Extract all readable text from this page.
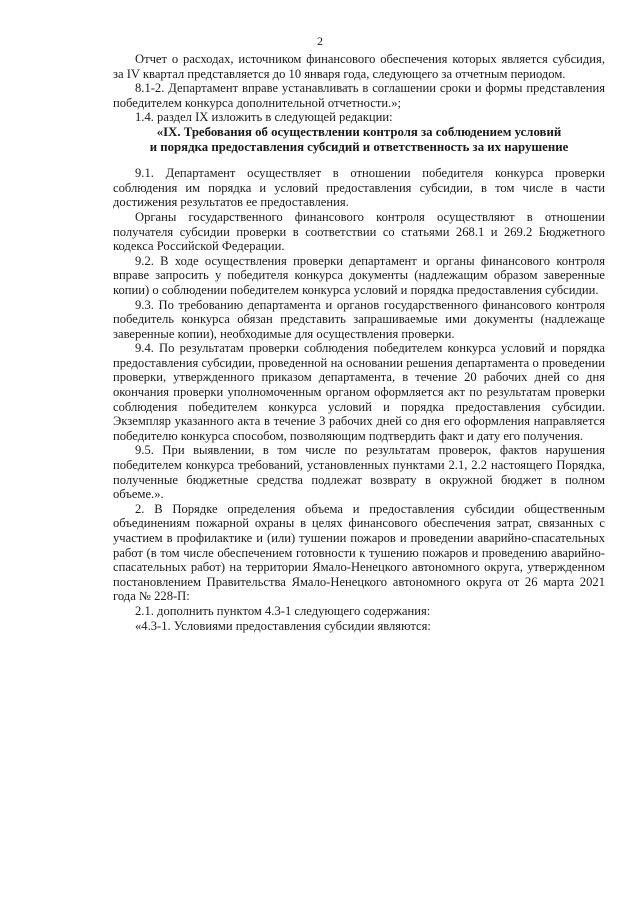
2

Отчет о расходах, источником финансового обеспечения которых является субсидия, за IV квартал представляется до 10 января года, следующего за отчетным периодом.

8.1-2. Департамент вправе устанавливать в соглашении сроки и формы представления победителем конкурса дополнительной отчетности.»;

1.4. раздел IX изложить в следующей редакции:

«IX. Требования об осуществлении контроля за соблюдением условий

и порядка предоставления субсидий и ответственность за их нарушение

9.1. Департамент осуществляет в отношении победителя конкурса проверки соблюдения им порядка и условий предоставления субсидии, в том числе в части достижения результатов ее предоставления.

Органы государственного финансового контроля осуществляют в отношении получателя субсидии проверки в соответствии со статьями 268.1 и 269.2 Бюджетного кодекса Российской Федерации.

9.2. В ходе осуществления проверки департамент и органы финансового контроля вправе запросить у победителя конкурса документы (надлежащим образом заверенные копии) о соблюдении победителем конкурса условий и порядка предоставления субсидии.

9.3. По требованию департамента и органов государственного финансового контроля победитель конкурса обязан представить запрашиваемые ими документы (надлежаще заверенные копии), необходимые для осуществления проверки.

9.4. По результатам проверки соблюдения победителем конкурса условий и порядка предоставления субсидии, проведенной на основании решения департамента о проведении проверки, утвержденного приказом департамента, в течение 20 рабочих дней со дня окончания проверки уполномоченным органом оформляется акт по результатам проверки соблюдения победителем конкурса условий и порядка предоставления субсидии. Экземпляр указанного акта в течение 3 рабочих дней со дня его оформления направляется победителю конкурса способом, позволяющим подтвердить факт и дату его получения.

9.5. При выявлении, в том числе по результатам проверок, фактов нарушения победителем конкурса требований, установленных пунктами 2.1, 2.2 настоящего Порядка, полученные бюджетные средства подлежат возврату в окружной бюджет в полном объеме.».

2. В Порядке определения объема и предоставления субсидии общественным объединениям пожарной охраны в целях финансового обеспечения затрат, связанных с участием в профилактике и (или) тушении пожаров и проведении аварийно-спасательных работ (в том числе обеспечением готовности к тушению пожаров и проведению аварийно-спасательных работ) на территории Ямало-Ненецкого автономного округа, утвержденном постановлением Правительства Ямало-Ненецкого автономного округа от 26 марта 2021 года № 228-П:

2.1. дополнить пунктом 4.3-1 следующего содержания:

«4.3-1. Условиями предоставления субсидии являются:
